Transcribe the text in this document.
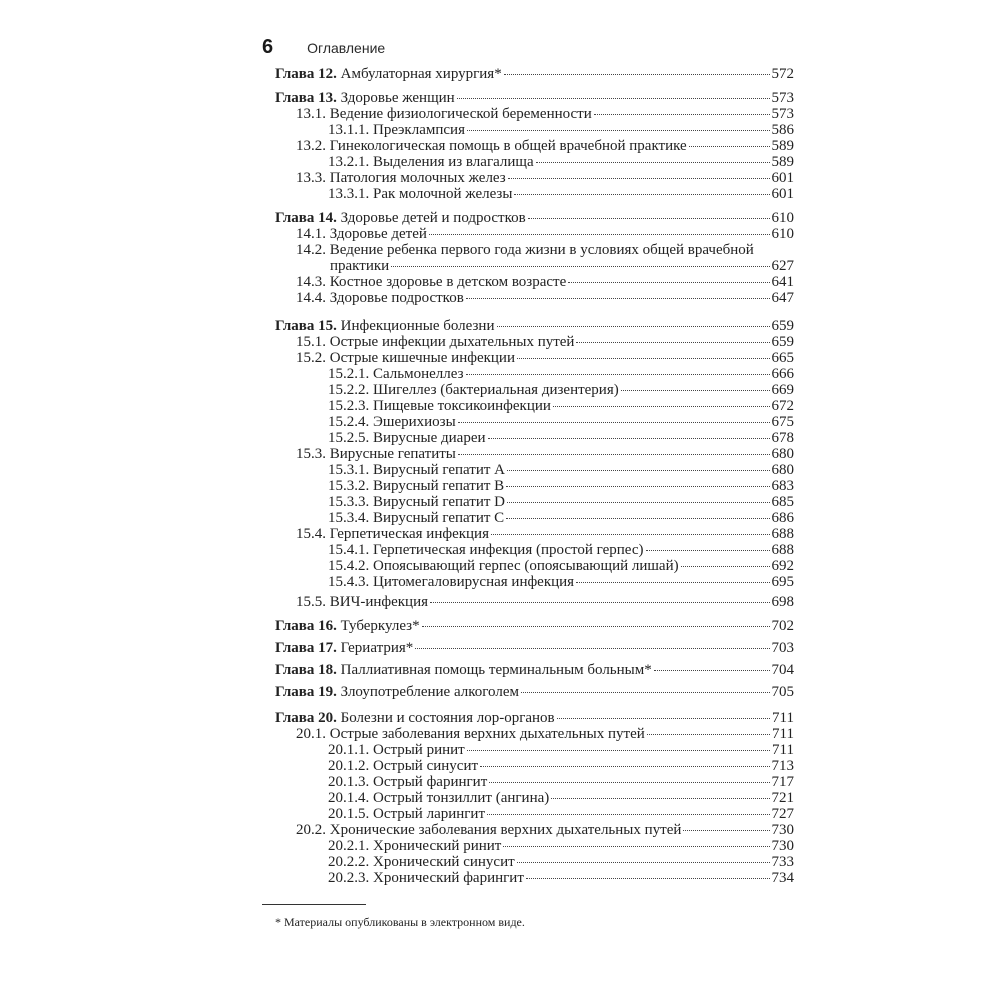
6 Оглавление
Глава 12. Амбулаторная хирургия*	572
Глава 13. Здоровье женщин	573
13.1. Ведение физиологической беременности	573
13.1.1. Преэклампсия	586
13.2. Гинекологическая помощь в общей врачебной практике	589
13.2.1. Выделения из влагалища	589
13.3. Патология молочных желез	601
13.3.1. Рак молочной железы	601
Глава 14. Здоровье детей и подростков	610
14.1. Здоровье детей	610
14.2. Ведение ребенка первого года жизни в условиях общей врачебной
практики	627
14.3. Костное здоровье в детском возрасте	641
14.4. Здоровье подростков	647
Глава 15. Инфекционные болезни	659
15.1. Острые инфекции дыхательных путей	659
15.2. Острые кишечные инфекции	665
15.2.1. Сальмонеллез	666
15.2.2. Шигеллез (бактериальная дизентерия)	669
15.2.3. Пищевые токсикоинфекции	672
15.2.4. Эшерихиозы	675
15.2.5. Вирусные диареи	678
15.3. Вирусные гепатиты	680
15.3.1. Вирусный гепатит A	680
15.3.2. Вирусный гепатит B	683
15.3.3. Вирусный гепатит D	685
15.3.4. Вирусный гепатит C	686
15.4. Герпетическая инфекция	688
15.4.1. Герпетическая инфекция (простой герпес)	688
15.4.2. Опоясывающий герпес (опоясывающий лишай)	692
15.4.3. Цитомегаловирусная инфекция	695
15.5. ВИЧ-инфекция	698
Глава 16. Туберкулез*	702
Глава 17. Гериатрия*	703
Глава 18. Паллиативная помощь терминальным больным*	704
Глава 19. Злоупотребление алкоголем	705
Глава 20. Болезни и состояния лор-органов	711
20.1. Острые заболевания верхних дыхательных путей	711
20.1.1. Острый ринит	711
20.1.2. Острый синусит	713
20.1.3. Острый фарингит	717
20.1.4. Острый тонзиллит (ангина)	721
20.1.5. Острый ларингит	727
20.2. Хронические заболевания верхних дыхательных путей	730
20.2.1. Хронический ринит	730
20.2.2. Хронический синусит	733
20.2.3. Хронический фарингит	734
* Материалы опубликованы в электронном виде.
